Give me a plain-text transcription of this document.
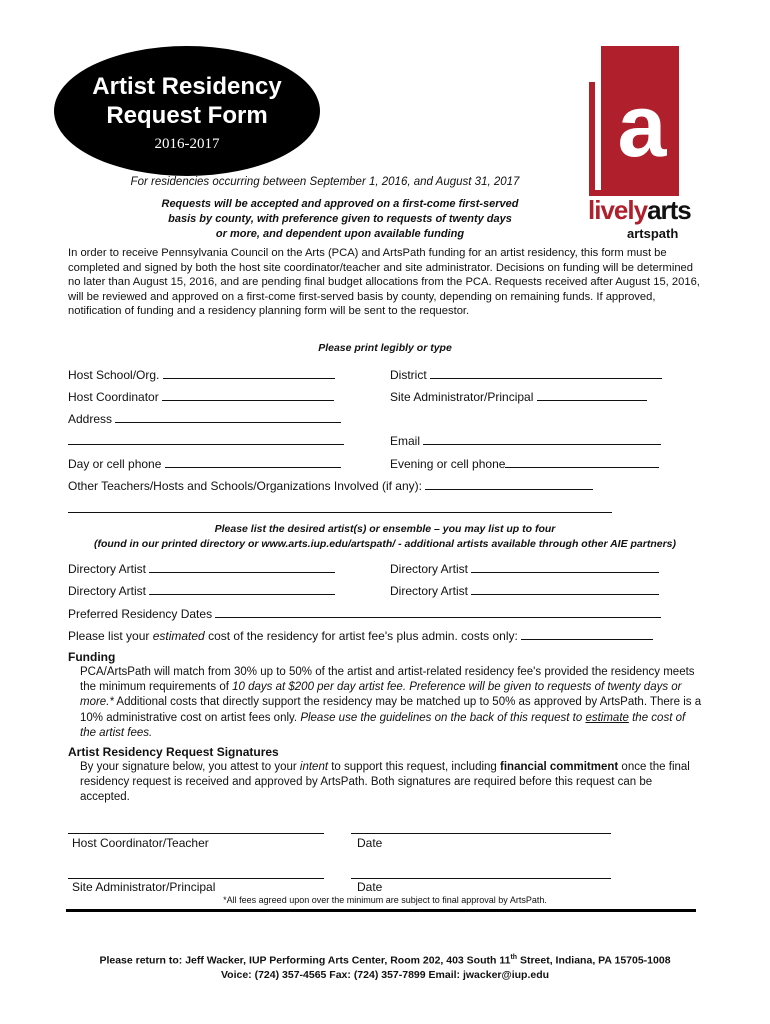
Artist Residency
Request Form
2016-2017	a
livelyarts
artspath
For residencies occurring between September 1, 2016, and August 31, 2017
Requests will be accepted and approved on a first-come first-served
basis by county, with preference given to requests of twenty days
or more, and dependent upon available funding
In order to receive Pennsylvania Council on the Arts (PCA) and ArtsPath funding for an artist residency, this form must be completed and signed by both the host site coordinator/teacher and site administrator. Decisions on funding will be determined no later than August 15, 2016, and are pending final budget allocations from the PCA. Requests received after August 15, 2016, will be reviewed and approved on a first-come first-served basis by county, depending on remaining funds. If approved, notification of funding and a residency planning form will be sent to the requestor.
Please print legibly or type
Host School/Org.	District
Host Coordinator	Site Administrator/Principal
Address
Email
Day or cell phone	Evening or cell phone
Other Teachers/Hosts and Schools/Organizations Involved (if any):
Please list the desired artist(s) or ensemble – you may list up to four
(found in our printed directory or www.arts.iup.edu/artspath/ - additional artists available through other AIE partners)
Directory Artist	Directory Artist
Directory Artist	Directory Artist
Preferred Residency Dates
Please list your estimated cost of the residency for artist fee's plus admin. costs only:
Funding
PCA/ArtsPath will match from 30% up to 50% of the artist and artist-related residency fee's provided the residency meets the minimum requirements of 10 days at $200 per day artist fee. Preference will be given to requests of twenty days or more.* Additional costs that directly support the residency may be matched up to 50% as approved by ArtsPath. There is a 10% administrative cost on artist fees only. Please use the guidelines on the back of this request to estimate the cost of the artist fees.
Artist Residency Request Signatures
By your signature below, you attest to your intent to support this request, including financial commitment once the final residency request is received and approved by ArtsPath. Both signatures are required before this request can be accepted.
Host Coordinator/Teacher	Date
Site Administrator/Principal	Date
*All fees agreed upon over the minimum are subject to final approval by ArtsPath.
Please return to: Jeff Wacker, IUP Performing Arts Center, Room 202, 403 South 11th Street, Indiana, PA 15705-1008
Voice: (724) 357-4565 Fax: (724) 357-7899 Email: jwacker@iup.edu
